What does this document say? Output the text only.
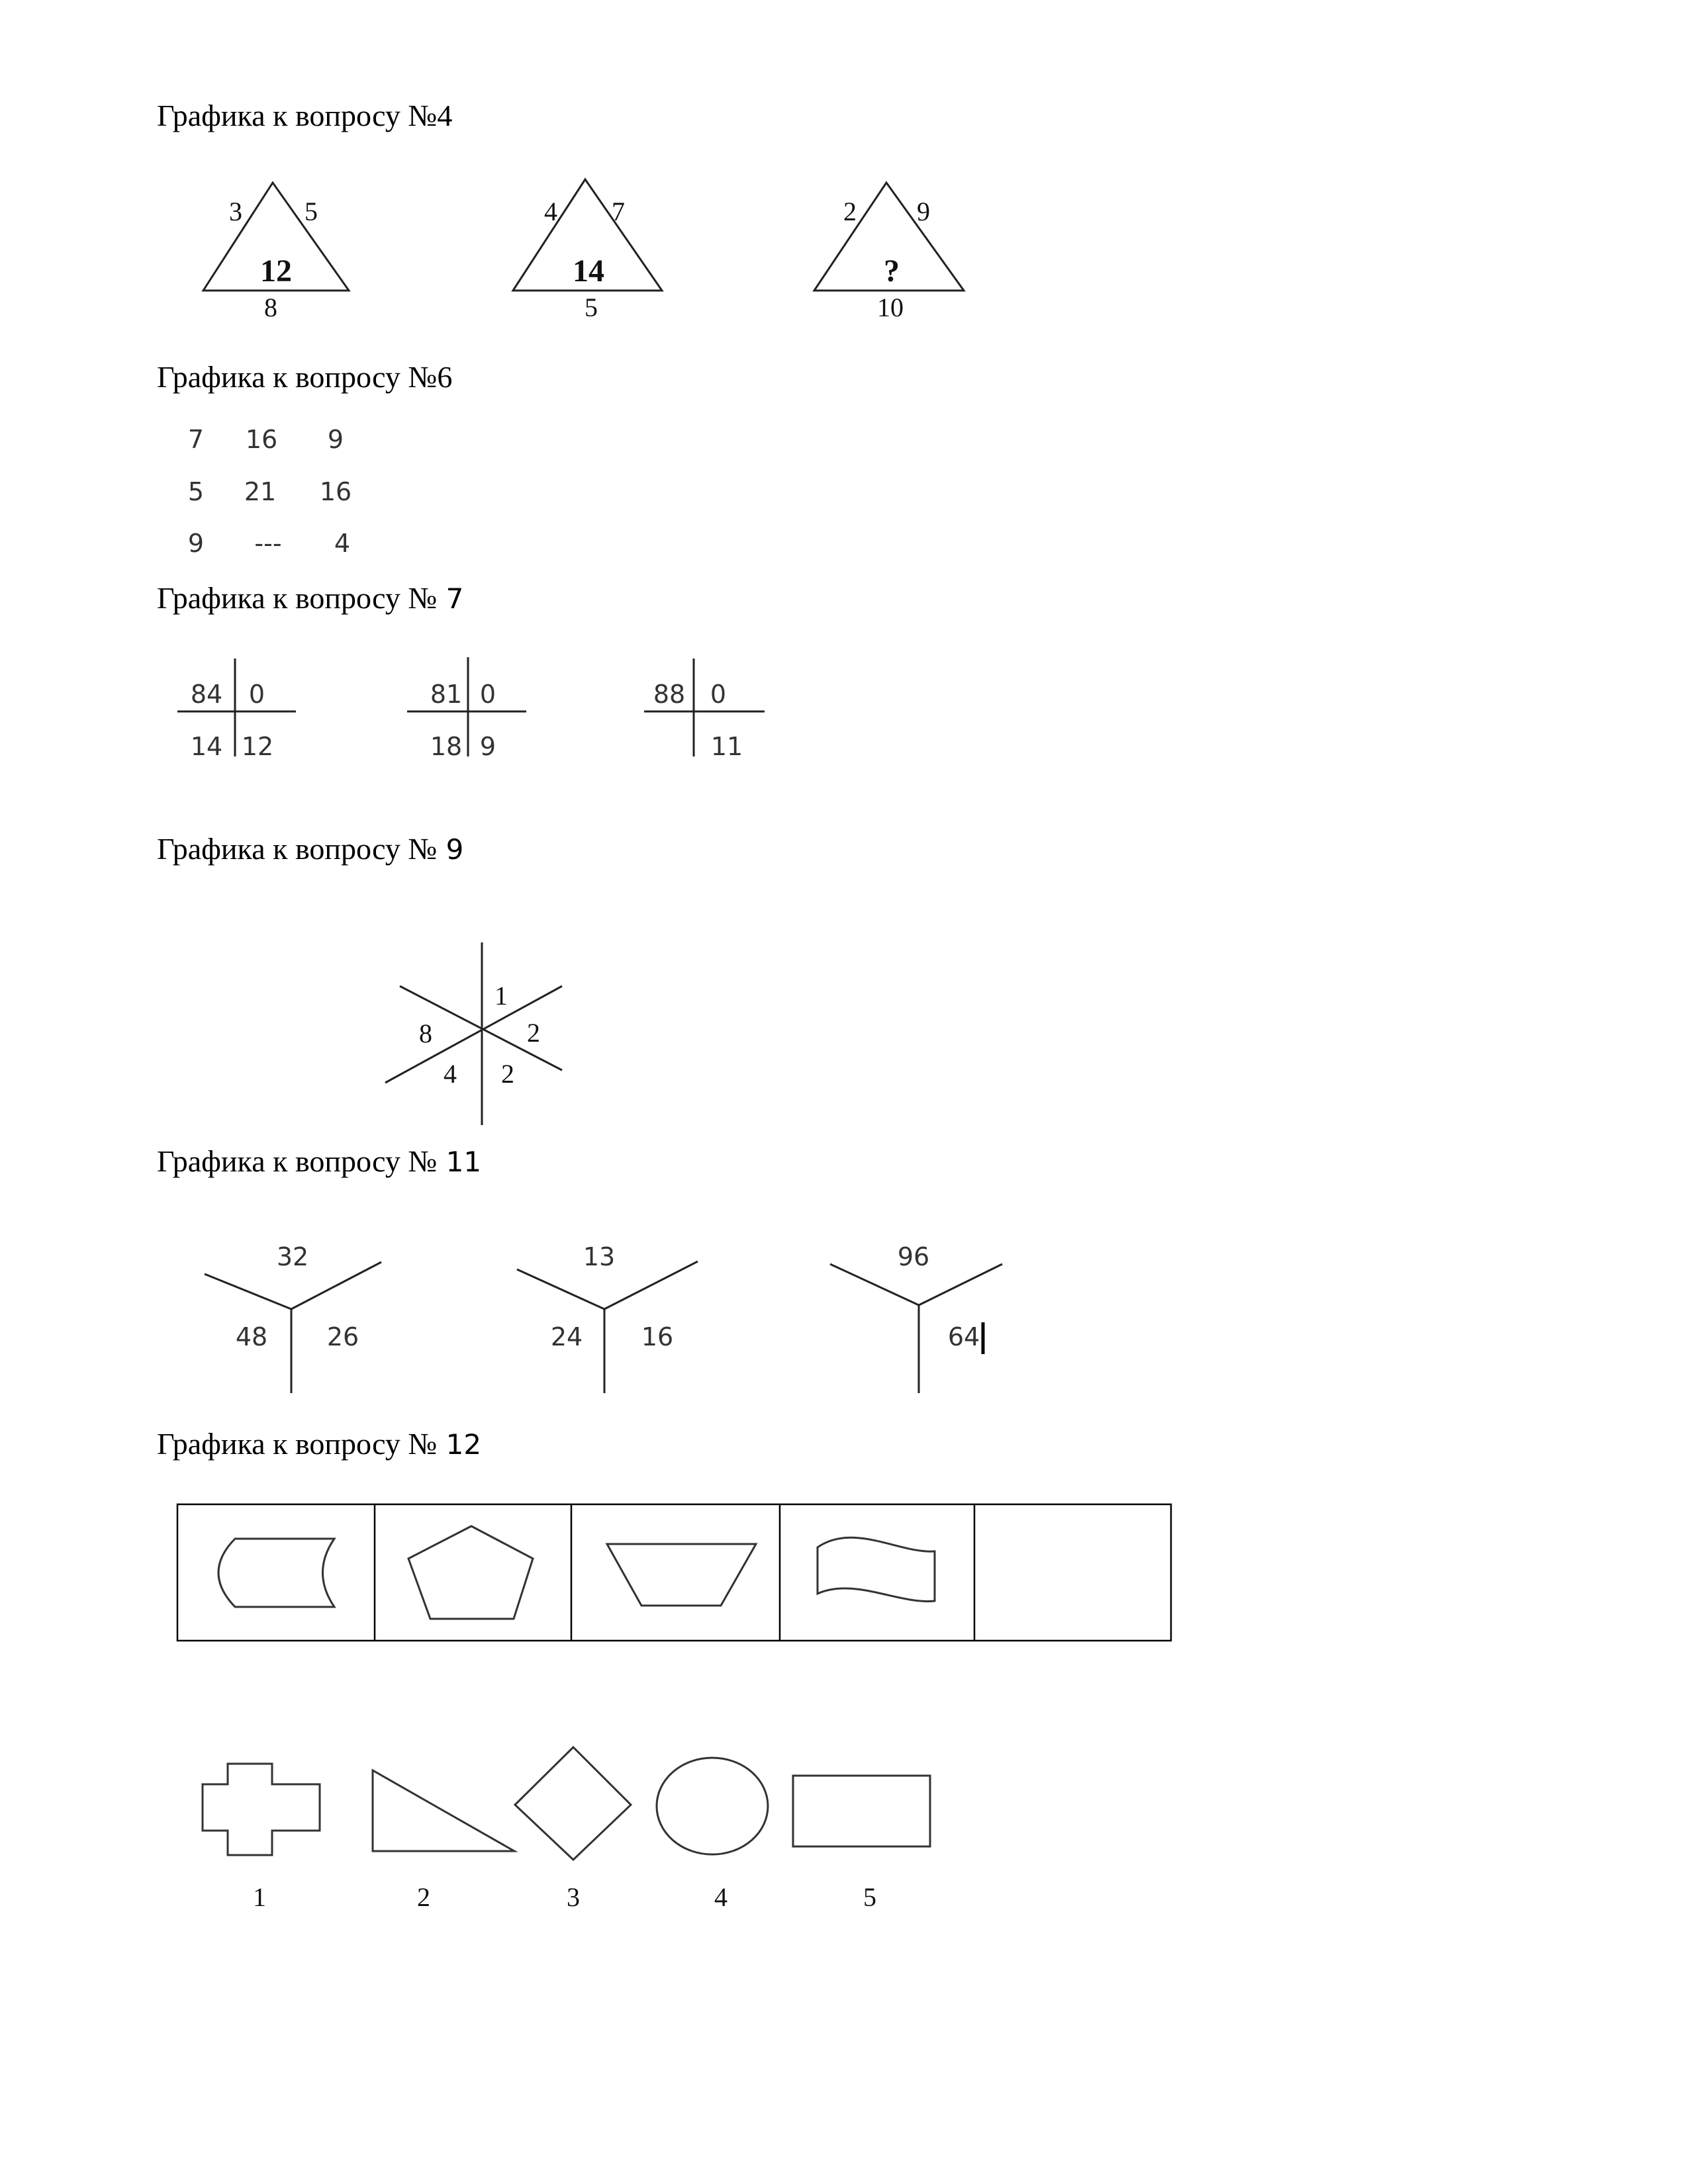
Графика к вопросу №4
Графика к вопросу №6
Графика к вопросу № 7
Графика к вопросу № 9
Графика к вопросу № 11
Графика к вопросу № 12
3 5
12
8
4 7
14
5
2 9
?
10
7 16 9
5 21 16
9 --- 4
84 0
14 12
81 0
18 9
88 0
11
1
2
2
4
8
32
48 26
13
24 16
96
64
1	2	3	4	5
